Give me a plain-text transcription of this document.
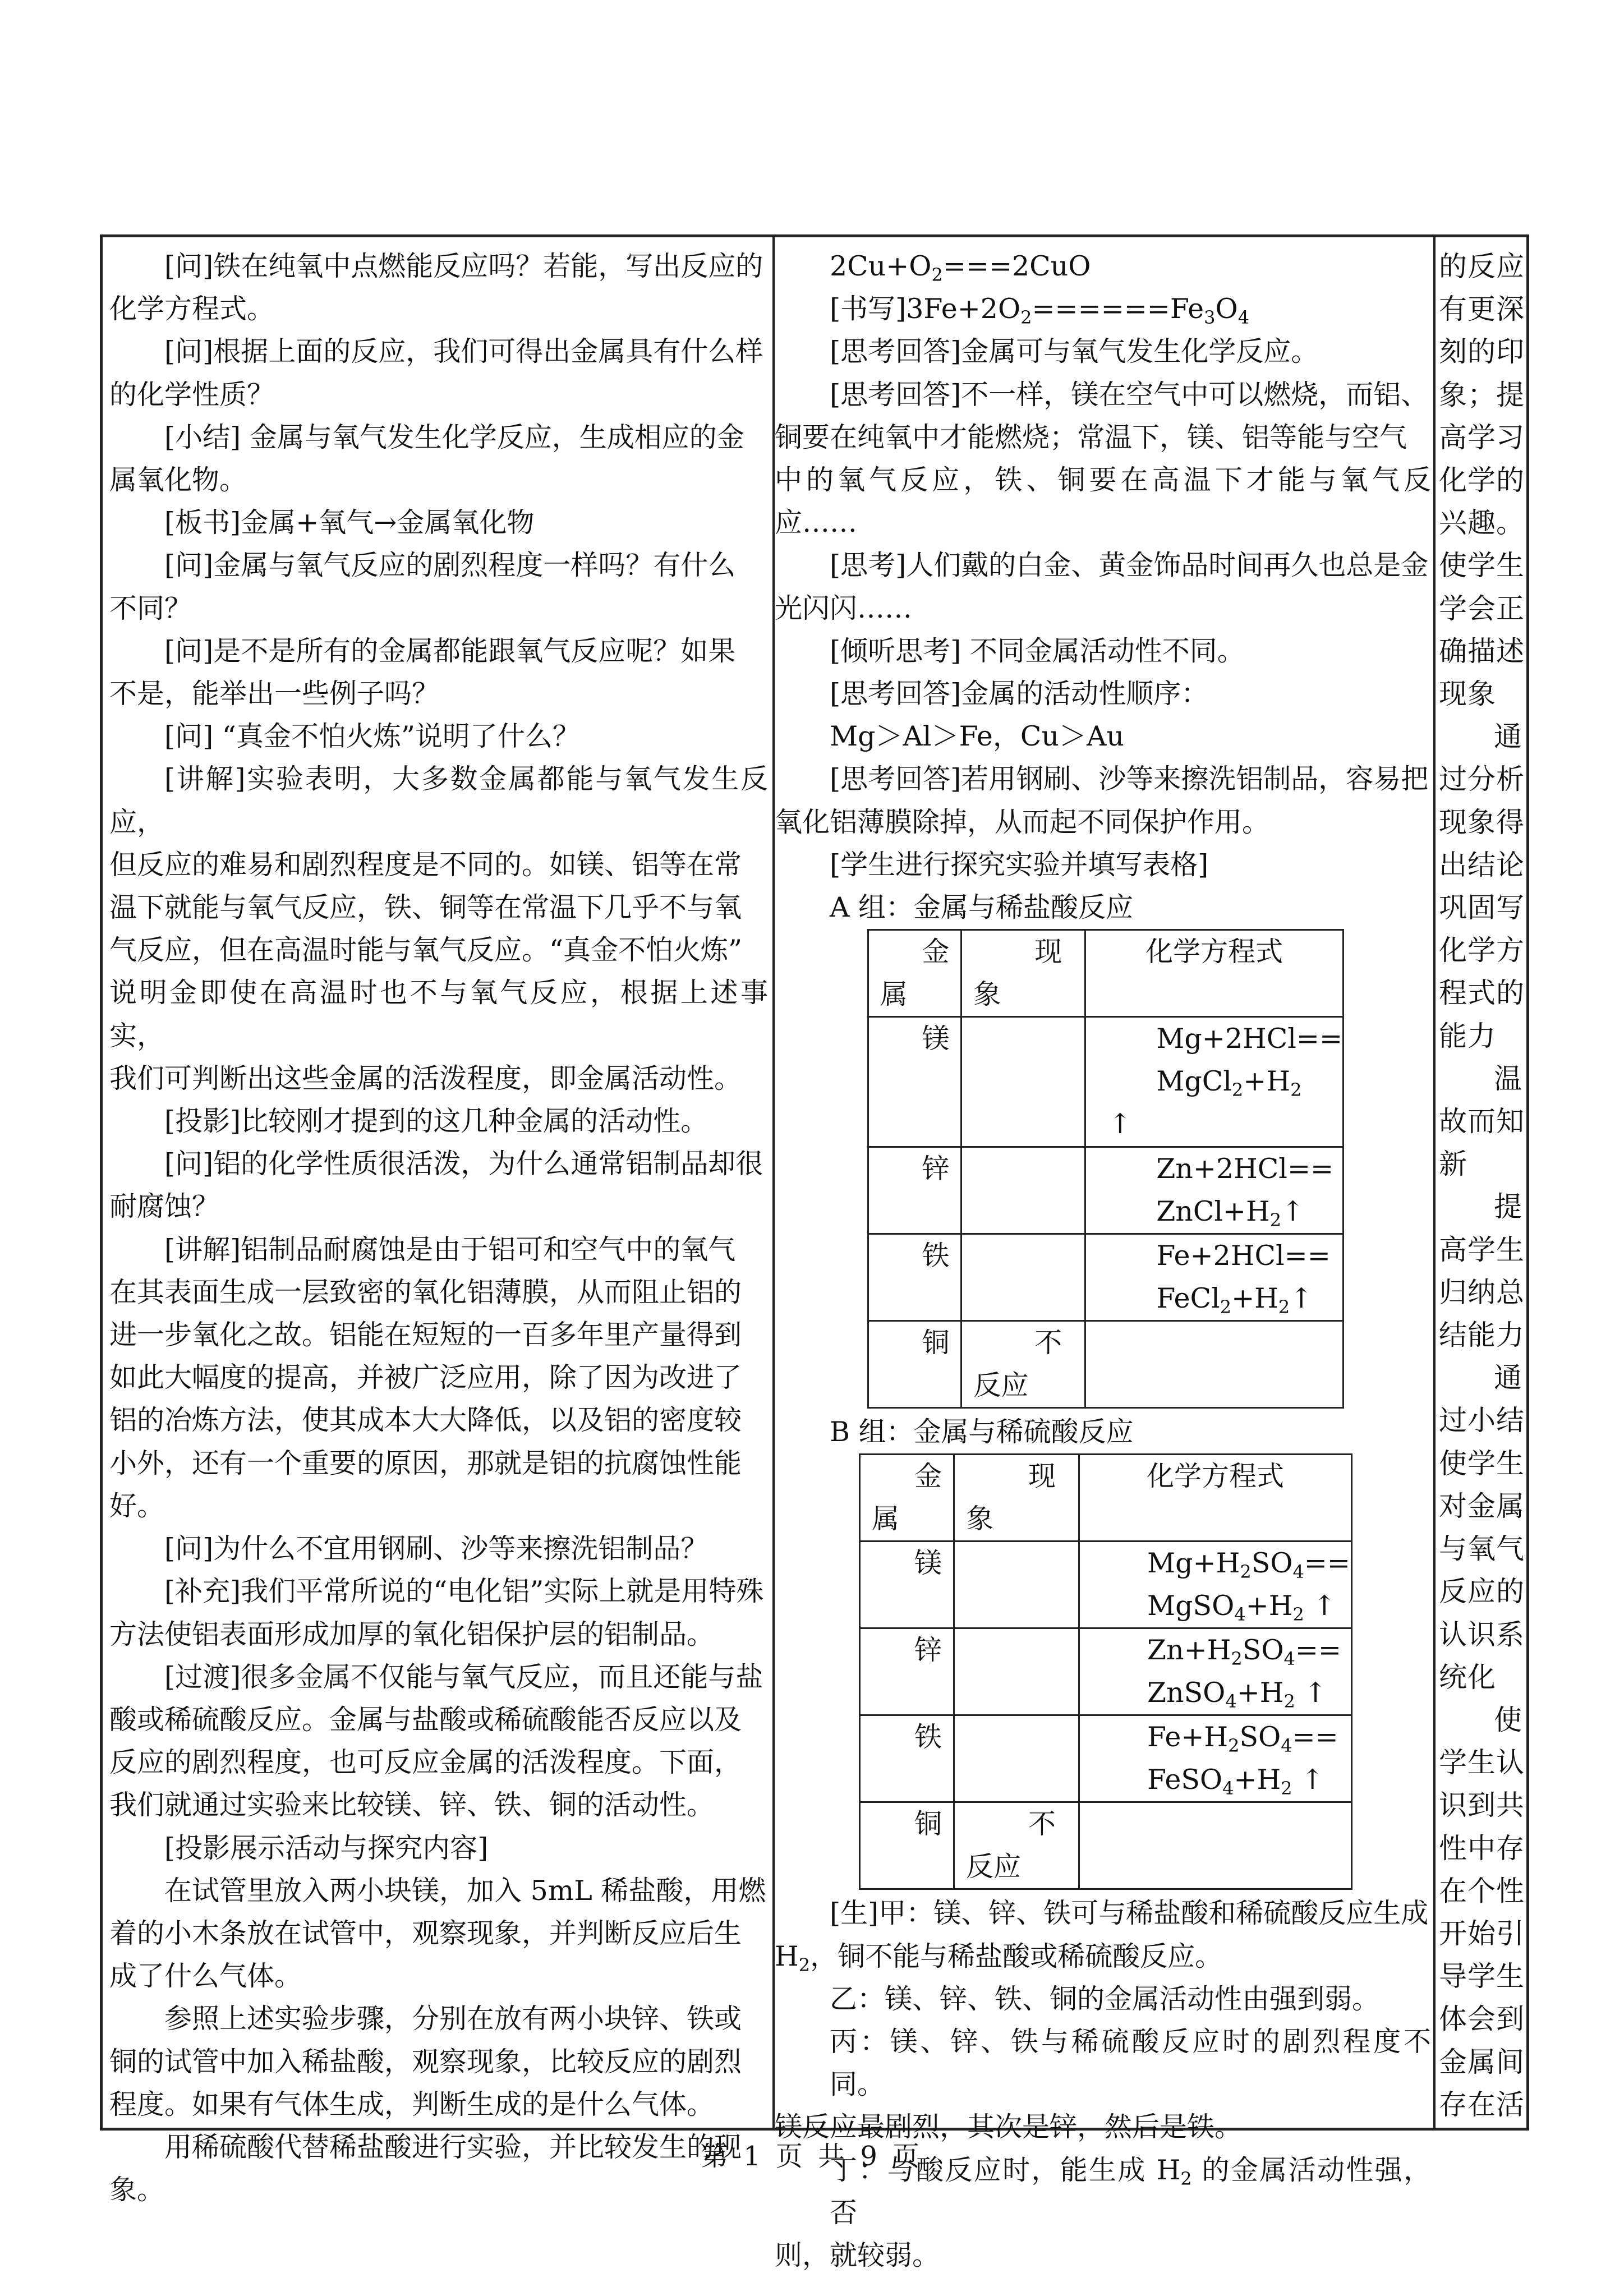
[问]铁在纯氧中点燃能反应吗？若能，写出反应的

化学方程式。

[问]根据上面的反应，我们可得出金属具有什么样

的化学性质？

[小结] 金属与氧气发生化学反应，生成相应的金

属氧化物。

[板书]金属+氧气→金属氧化物

[问]金属与氧气反应的剧烈程度一样吗？有什么

不同？

[问]是不是所有的金属都能跟氧气反应呢？如果

不是，能举出一些例子吗？

[问] “真金不怕火炼”说明了什么？

[讲解]实验表明，大多数金属都能与氧气发生反应，

但反应的难易和剧烈程度是不同的。如镁、铝等在常

温下就能与氧气反应，铁、铜等在常温下几乎不与氧

气反应，但在高温时能与氧气反应。“真金不怕火炼”

说明金即使在高温时也不与氧气反应，根据上述事实，

我们可判断出这些金属的活泼程度，即金属活动性。

[投影]比较刚才提到的这几种金属的活动性。

[问]铝的化学性质很活泼，为什么通常铝制品却很

耐腐蚀？

[讲解]铝制品耐腐蚀是由于铝可和空气中的氧气

在其表面生成一层致密的氧化铝薄膜，从而阻止铝的

进一步氧化之故。铝能在短短的一百多年里产量得到

如此大幅度的提高，并被广泛应用，除了因为改进了

铝的冶炼方法，使其成本大大降低，以及铝的密度较

小外，还有一个重要的原因，那就是铝的抗腐蚀性能

好。

[问]为什么不宜用钢刷、沙等来擦洗铝制品？

[补充]我们平常所说的“电化铝”实际上就是用特殊

方法使铝表面形成加厚的氧化铝保护层的铝制品。

[过渡]很多金属不仅能与氧气反应，而且还能与盐

酸或稀硫酸反应。金属与盐酸或稀硫酸能否反应以及

反应的剧烈程度，也可反应金属的活泼程度。下面，

我们就通过实验来比较镁、锌、铁、铜的活动性。

[投影展示活动与探究内容]

在试管里放入两小块镁，加入 5mL 稀盐酸，用燃

着的小木条放在试管中，观察现象，并判断反应后生

成了什么气体。

参照上述实验步骤，分别在放有两小块锌、铁或

铜的试管中加入稀盐酸，观察现象，比较反应的剧烈

程度。如果有气体生成，判断生成的是什么气体。

用稀硫酸代替稀盐酸进行实验，并比较发生的现

象。

$2Cu+O_2===2CuO$

[书写]$3Fe+2O_2======Fe_3O_4$

[思考回答]金属可与氧气发生化学反应。

[思考回答]不一样，镁在空气中可以燃烧，而铝、

铜要在纯氧中才能燃烧；常温下，镁、铝等能与空气

中的氧气反应，铁、铜要在高温下才能与氧气反应……

[思考]人们戴的白金、黄金饰品时间再久也总是金

光闪闪……

[倾听思考] 不同金属活动性不同。

[思考回答]金属的活动性顺序：

Mg＞Al＞Fe，Cu＞Au

[思考回答]若用钢刷、沙等来擦洗铝制品，容易把

氧化铝薄膜除掉，从而起不同保护作用。

[学生进行探究实验并填写表格]

A 组：金属与稀盐酸反应

金

属	现
象	化学方程式
镁		Mg+2HCl==
$MgCl_2+H_2$
↑
锌		Zn+2HCl==
$ZnCl+H_2↑$
铁		Fe+2HCl==
$FeCl_2+H_2↑$
铜	不
反应	

B 组：金属与稀硫酸反应

金

属	现
象	化学方程式
镁		$Mg+H_2SO_4==$
$MgSO_4+H_2$ ↑
锌		$Zn+H_2SO_4==$
$ZnSO_4+H_2$ ↑
铁		$Fe+H_2SO_4==$
$FeSO_4+H_2$ ↑
铜	不
反应	

[生]甲：镁、锌、铁可与稀盐酸和稀硫酸反应生成

$H_2$，铜不能与稀盐酸或稀硫酸反应。

乙：镁、锌、铁、铜的金属活动性由强到弱。

丙：镁、锌、铁与稀硫酸反应时的剧烈程度不同。

镁反应最剧烈，其次是锌，然后是铁。

丁：与酸反应时，能生成 $H_2$ 的金属活动性强，否

则，就较弱。

的反应

有更深

刻的印

象；提

高学习

化学的

兴趣。

使学生

学会正

确描述

现象

通

过分析

现象得

出结论

巩固写

化学方

程式的

能力

温

故而知

新

提

高学生

归纳总

结能力

通

过小结

使学生

对金属

与氧气

反应的

认识系

统化

使

学生认

识到共

性中存

在个性

开始引

导学生

体会到

金属间

存在活

第 1 页 共 9 页
